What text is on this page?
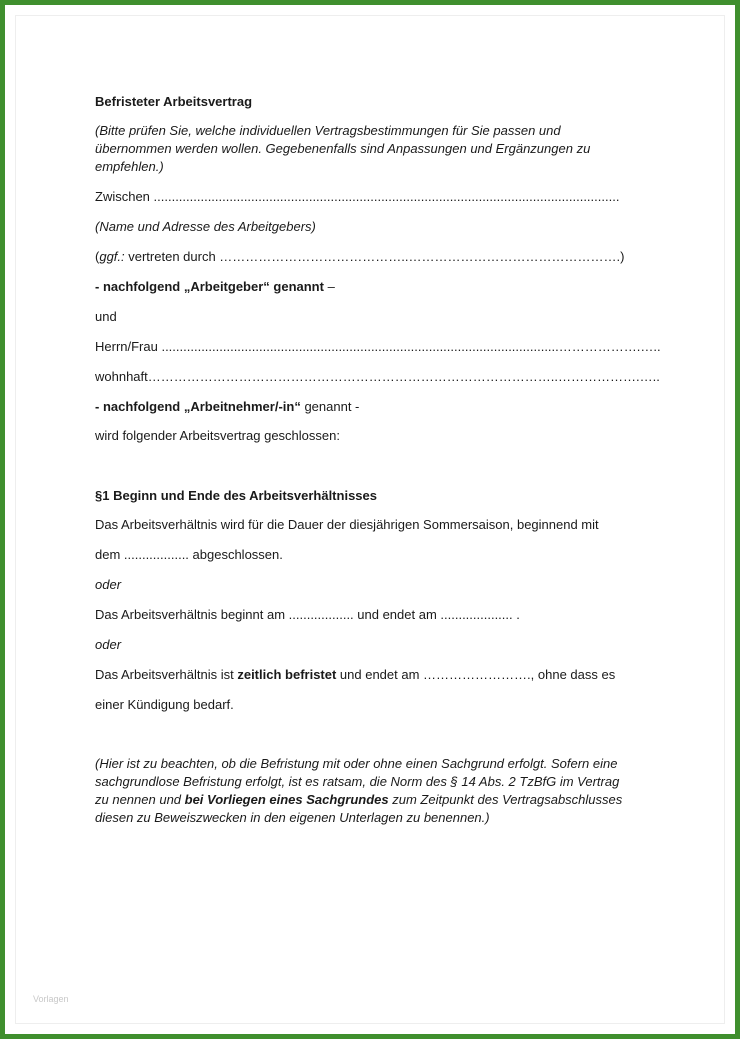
Befristeter Arbeitsvertrag
(Bitte prüfen Sie, welche individuellen Vertragsbestimmungen für Sie passen und übernommen werden wollen. Gegebenenfalls sind Anpassungen und Ergänzungen zu empfehlen.)
Zwischen .................................................................................................................................
(Name und Adresse des Arbeitgebers)
(ggf.: vertreten durch ……………………………………..………………………………………….)
- nachfolgend „Arbeitgeber“ genannt –
und
Herrn/Frau ..............................................................................................................……………….…..
wohnhaft…………………………………………………………………………………..……………….…..
- nachfolgend „Arbeitnehmer/-in“ genannt -
wird folgender Arbeitsvertrag geschlossen:
§1 Beginn und Ende des Arbeitsverhältnisses
Das Arbeitsverhältnis wird für die Dauer der diesjährigen Sommersaison, beginnend mit
dem .................. abgeschlossen.
oder
Das Arbeitsverhältnis beginnt am .................. und endet am .................... .
oder
Das Arbeitsverhältnis ist zeitlich befristet und endet am ……………………., ohne dass es
einer Kündigung bedarf.
(Hier ist zu beachten, ob die Befristung mit oder ohne einen Sachgrund erfolgt. Sofern eine sachgrundlose Befristung erfolgt, ist es ratsam, die Norm des § 14 Abs. 2 TzBfG im Vertrag zu nennen und bei Vorliegen eines Sachgrundes zum Zeitpunkt des Vertragsabschlusses diesen zu Beweiszwecken in den eigenen Unterlagen zu benennen.)
Vorlagen
